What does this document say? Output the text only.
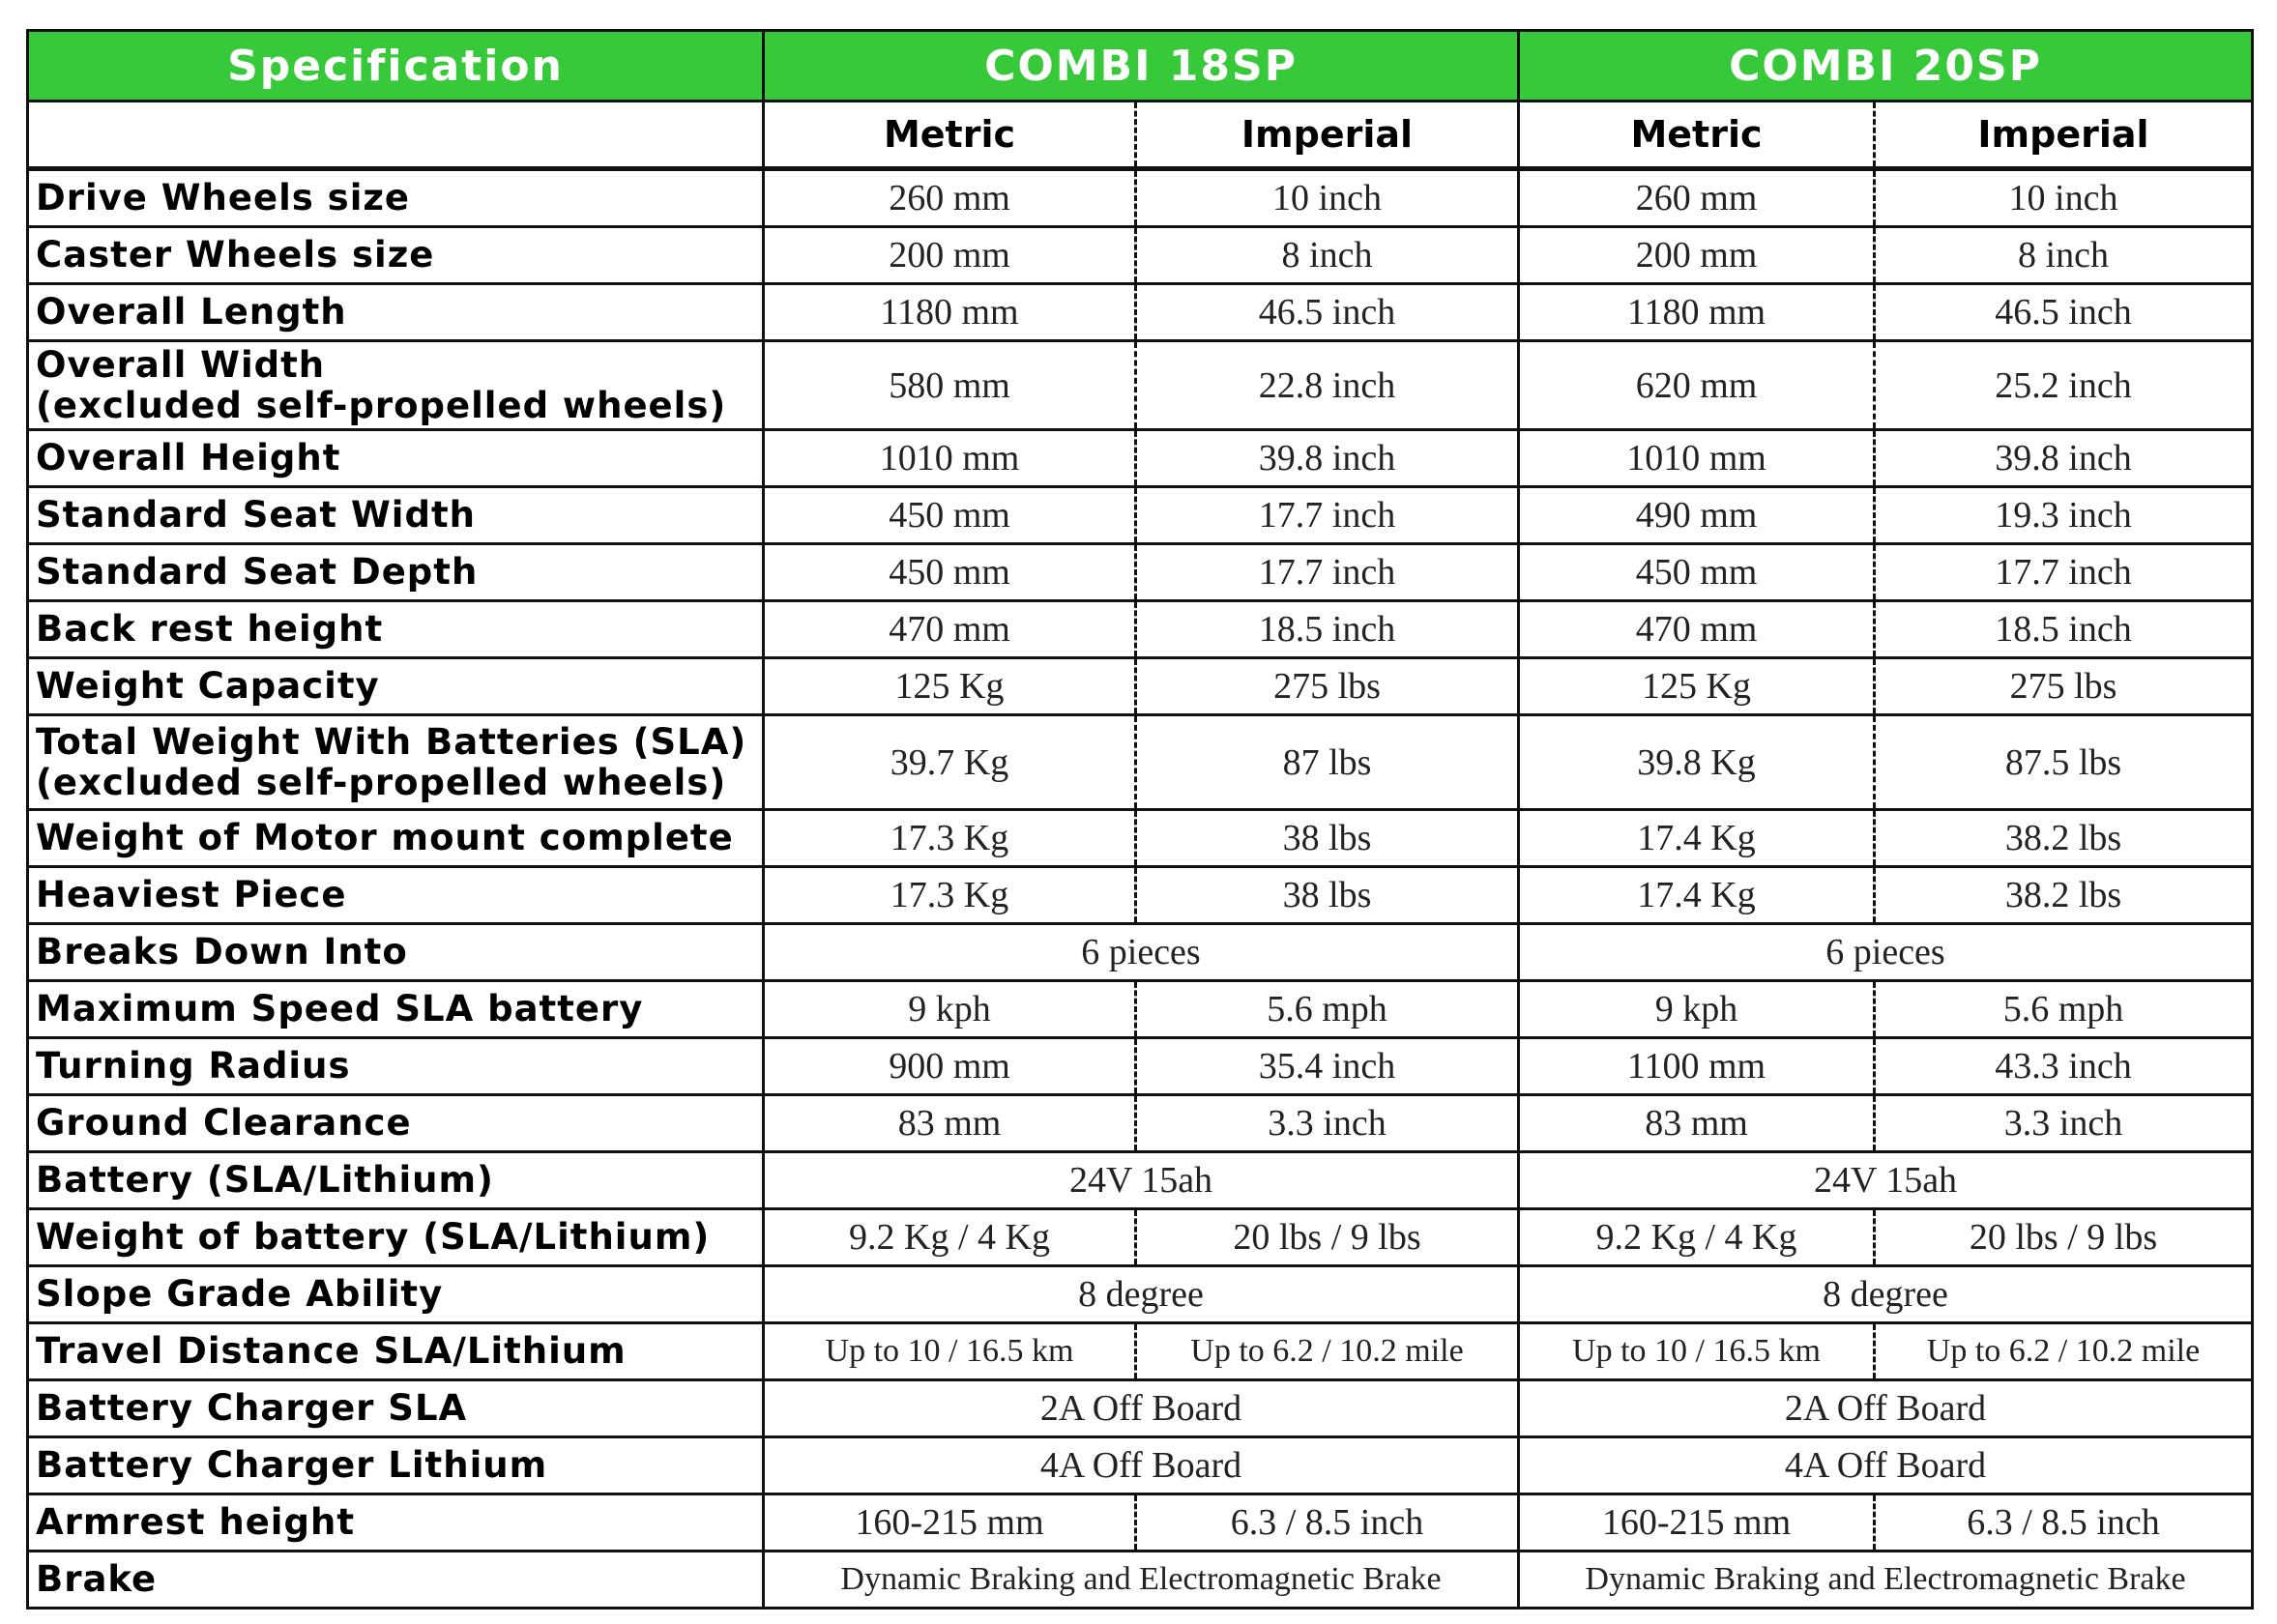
Specification	COMBI 18SP		COMBI 20SP	
	Metric	Imperial	Metric	Imperial

Drive Wheels size	260 mm	10 inch	260 mm	10 inch

Caster Wheels size	200 mm	8 inch	200 mm	8 inch

Overall Length	1180 mm	46.5 inch	1180 mm	46.5 inch

Overall Width
(excluded self-propelled wheels)	580 mm	22.8 inch	620 mm	25.2 inch

Overall Height	1010 mm	39.8 inch	1010 mm	39.8 inch

Standard Seat Width	450 mm	17.7 inch	490 mm	19.3 inch

Standard Seat Depth	450 mm	17.7 inch	450 mm	17.7 inch

Back rest height	470 mm	18.5 inch	470 mm	18.5 inch

Weight Capacity	125 Kg	275 lbs	125 Kg	275 lbs

Total Weight With Batteries (SLA)
(excluded self-propelled wheels)	39.7 Kg	87 lbs	39.8 Kg	87.5 lbs

Weight of Motor mount complete	17.3 Kg	38 lbs	17.4 Kg	38.2 lbs

Heaviest Piece	17.3 Kg	38 lbs	17.4 Kg	38.2 lbs

Breaks Down Into	6 pieces		6 pieces	

Maximum Speed SLA battery	9 kph	5.6 mph	9 kph	5.6 mph

Turning Radius	900 mm	35.4 inch	1100 mm	43.3 inch

Ground Clearance	83 mm	3.3 inch	83 mm	3.3 inch

Battery (SLA/Lithium)	24V 15ah		24V 15ah	

Weight of battery (SLA/Lithium)	9.2 Kg / 4 Kg	20 lbs / 9 lbs	9.2 Kg / 4 Kg	20 lbs / 9 lbs

Slope Grade Ability	8 degree		8 degree	

Travel Distance SLA/Lithium	Up to 10 / 16.5 km	Up to 6.2 / 10.2 mile	Up to 10 / 16.5 km	Up to 6.2 / 10.2 mile

Battery Charger SLA	2A Off Board		2A Off Board	

Battery Charger Lithium	4A Off Board		4A Off Board	

Armrest height	160-215 mm	6.3 / 8.5 inch	160-215 mm	6.3 / 8.5 inch

Brake	Dynamic Braking and Electromagnetic Brake		Dynamic Braking and Electromagnetic Brake	
